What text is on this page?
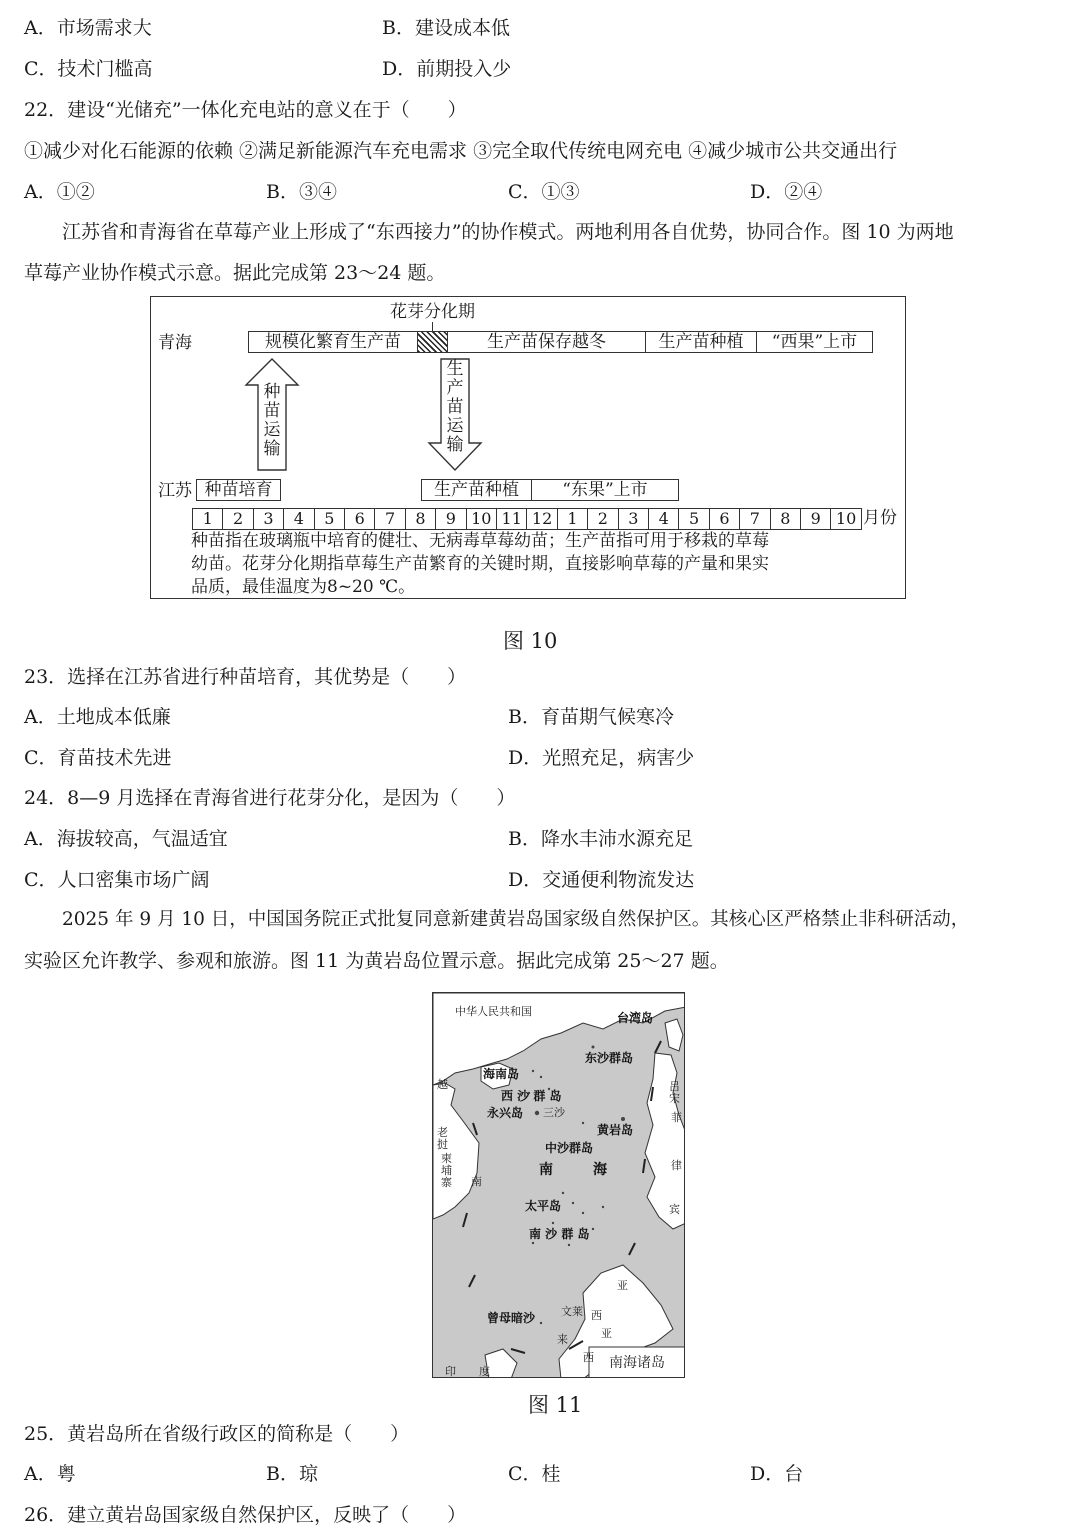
A．市场需求大	B．建设成本低
C．技术门槛高	D．前期投入少
22．建设“光储充”一体化充电站的意义在于（　　）
①减少对化石能源的依赖 ②满足新能源汽车充电需求 ③完全取代传统电网充电 ④减少城市公共交通出行
A．①②	B．③④	C．①③	D．②④
江苏省和青海省在草莓产业上形成了“东西接力”的协作模式。两地利用各自优势，协同合作。图 10 为两地
草莓产业协作模式示意。据此完成第 23～24 题。
花芽分化期
青海	规模化繁育生产苗	生产苗保存越冬	生产苗种植	“西果”上市
种苗运输
生产苗运输
江苏 种苗培育	生产苗种植	“东果”上市
1	2	3	4	5	6	7	8	9 10 11 12 1	2	3	4	5	6	7	8	9 10 月份
种苗指在玻璃瓶中培育的健壮、无病毒草莓幼苗；生产苗指可用于移栽的草莓
幼苗。花芽分化期指草莓生产苗繁育的关键时期，直接影响草莓的产量和果实
品质，最佳温度为8~20 ℃。
图 10
23．选择在江苏省进行种苗培育，其优势是（　　）
A．土地成本低廉	B．育苗期气候寒冷
C．育苗技术先进	D．光照充足，病害少
24．8—9 月选择在青海省进行花芽分化，是因为（　　）
A．海拔较高，气温适宜	B．降水丰沛水源充足
C．人口密集市场广阔	D．交通便利物流发达
2025 年 9 月 10 日，中国国务院正式批复同意新建黄岩岛国家级自然保护区。其核心区严格禁止非科研活动，
实验区允许教学、参观和旅游。图 11 为黄岩岛位置示意。据此完成第 25～27 题。
中华人民共和国	台湾岛
东沙群岛
海南岛
西 沙 群 岛
永兴岛 三沙
黄岩岛
中沙群岛
南	海
太平岛
南 沙 群 岛
曾母暗沙 文莱
越
老挝
柬埔寨 南
吕宋
菲
律
宾
亚
西
来	亚
西
印 度
南海诸岛
图 11
25．黄岩岛所在省级行政区的简称是（　　）
A．粤	B．琼	C．桂	D．台
26．建立黄岩岛国家级自然保护区，反映了（　　）
